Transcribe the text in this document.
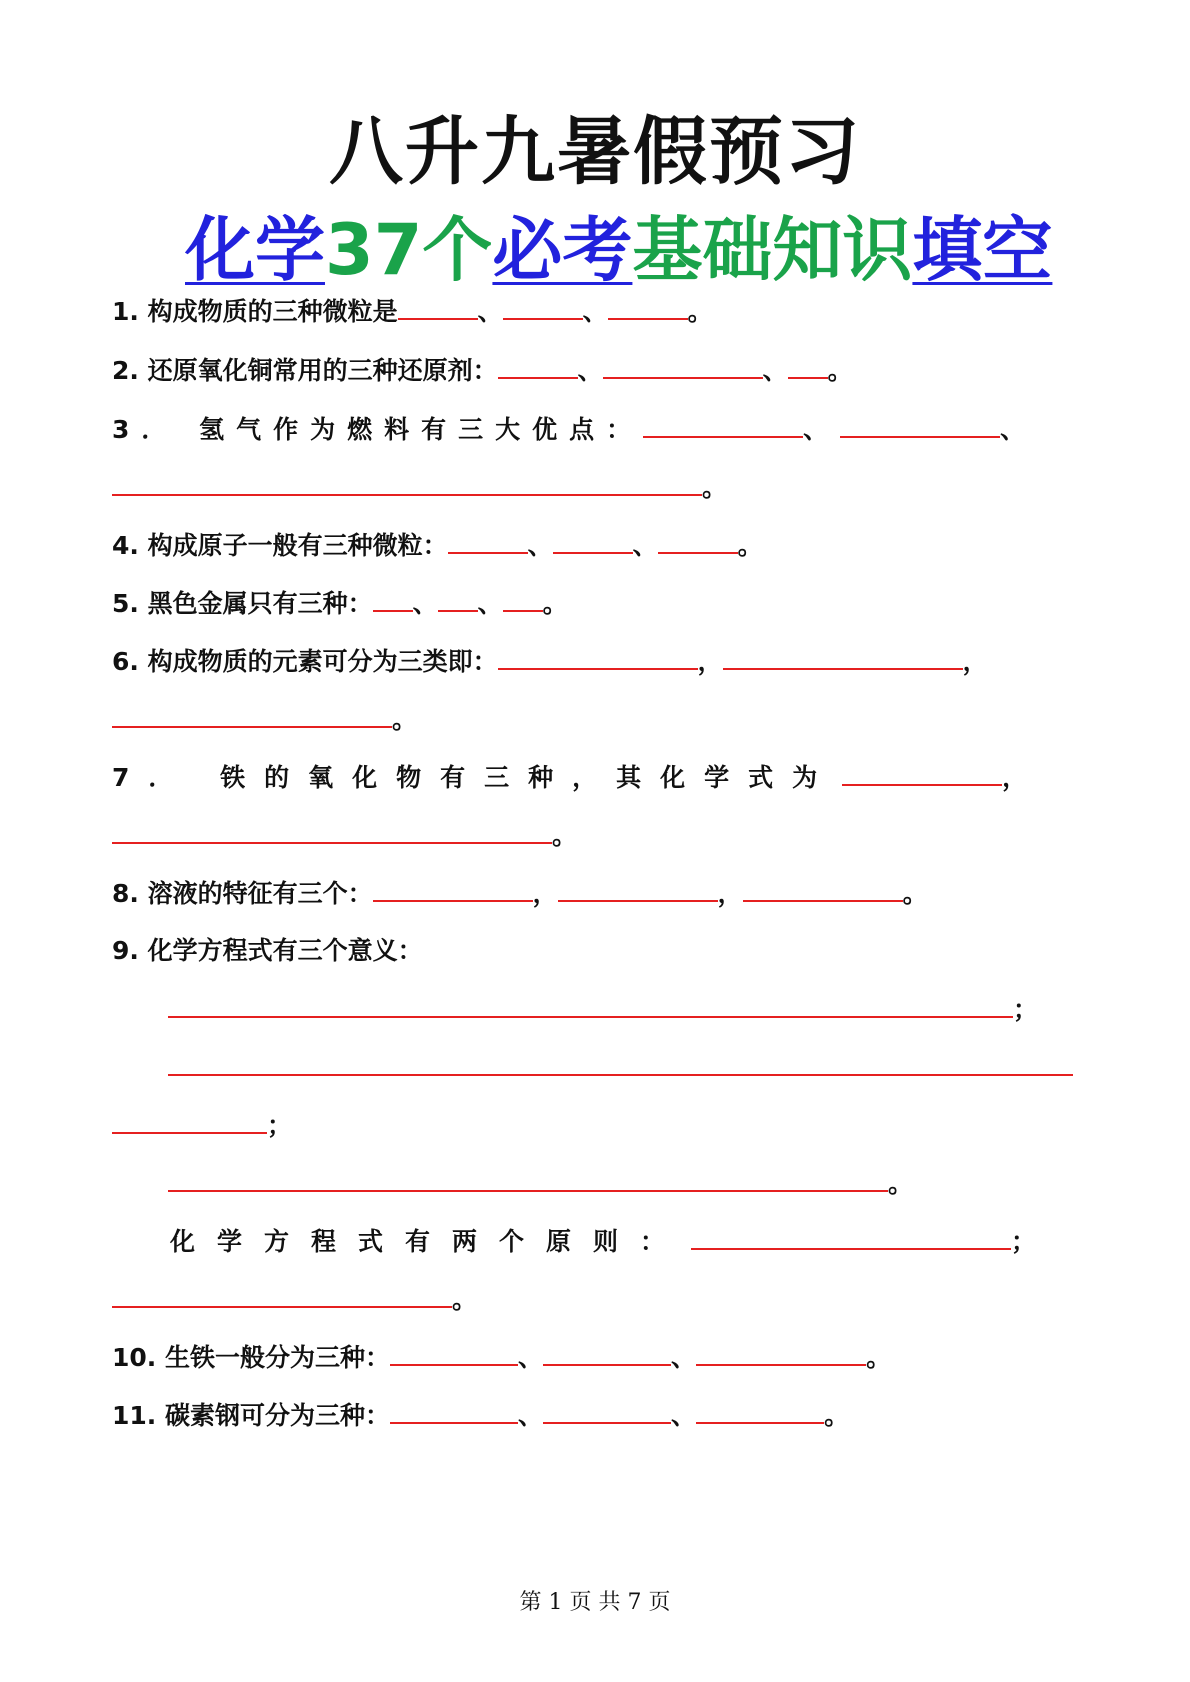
八升九暑假预习
化学37个必考基础知识填空
1. 构成物质的三种微粒是	、	、	。
2. 还原氧化铜常用的三种还原剂：	、	、 。
3． 氢气作为燃料有三大优点：	、	、
。
4. 构成原子一般有三种微粒：	、	、	。
5. 黑色金属只有三种： 、 、 。
6. 构成物质的元素可分为三类即：	，	，
。
7． 铁的氧化物有三种，其化学式为	，
。
8. 溶液的特征有三个：	，	，	。
9. 化学方程式有三个意义：
；
；
。
化学方程式有两个原则：	；
。
10. 生铁一般分为三种：	、	、	。
11. 碳素钢可分为三种：	、	、	。
第 1 页 共 7 页
